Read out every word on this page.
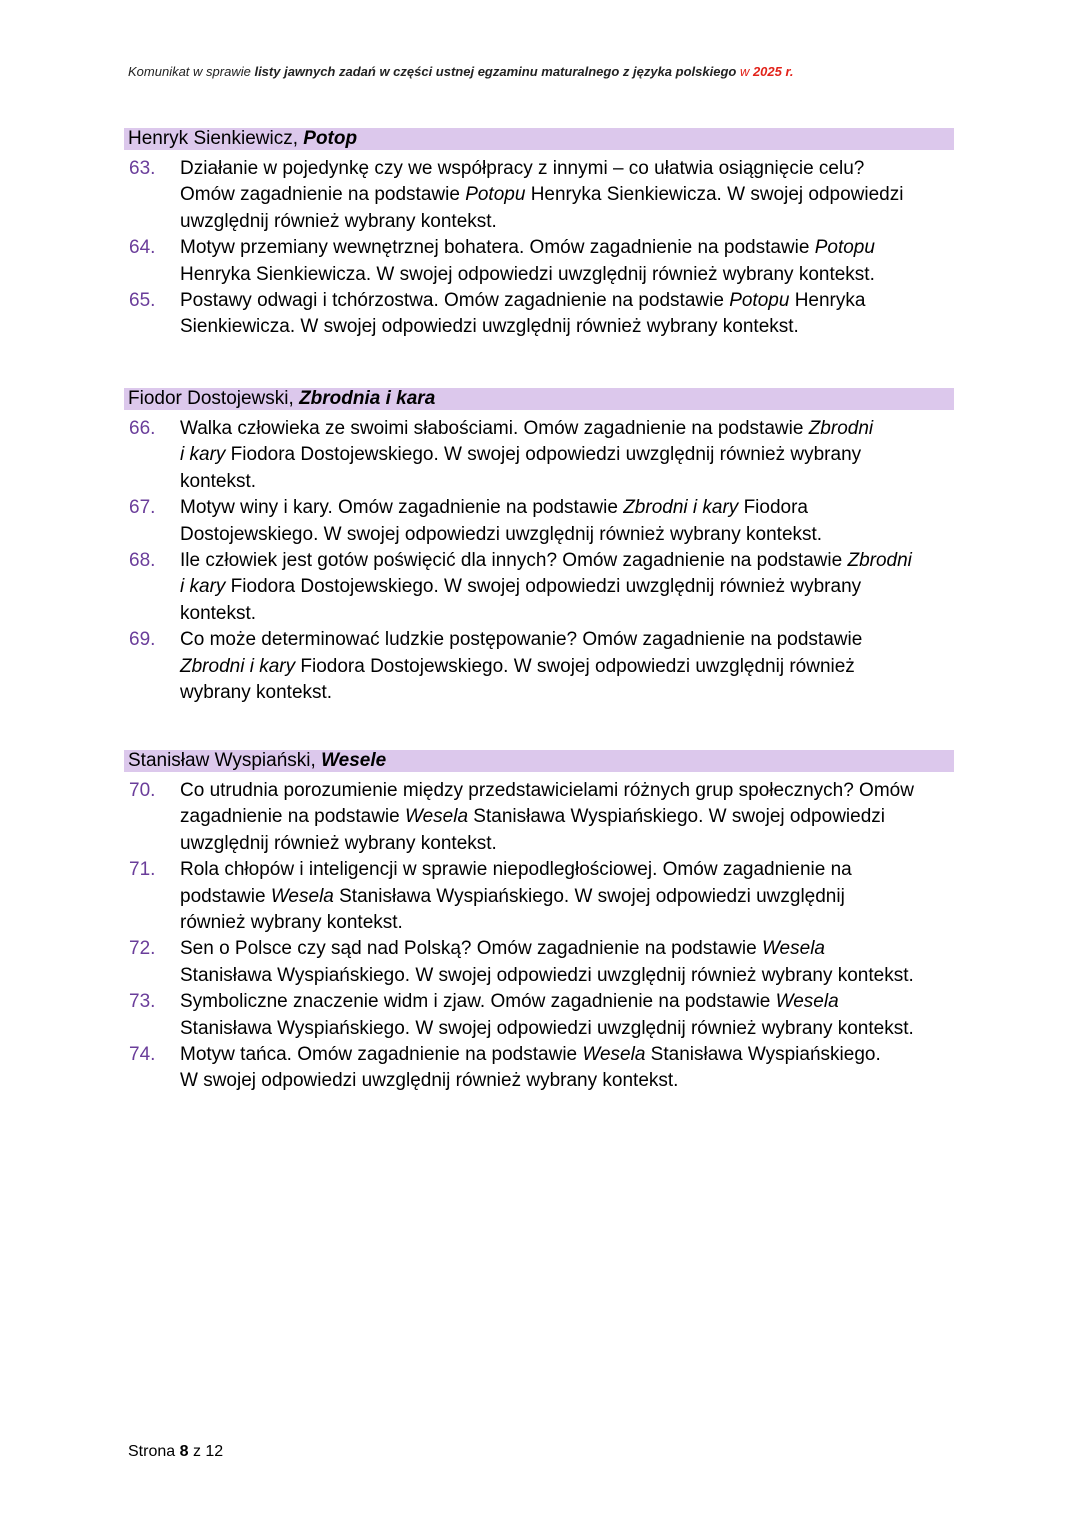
Komunikat w sprawie listy jawnych zadań w części ustnej egzaminu maturalnego z języka polskiego w 2025 r.
Henryk Sienkiewicz, Potop
63. Działanie w pojedynkę czy we współpracy z innymi – co ułatwia osiągnięcie celu?
Omów zagadnienie na podstawie Potopu Henryka Sienkiewicza. W swojej odpowiedzi
uwzględnij również wybrany kontekst.
64. Motyw przemiany wewnętrznej bohatera. Omów zagadnienie na podstawie Potopu
Henryka Sienkiewicza. W swojej odpowiedzi uwzględnij również wybrany kontekst.
65. Postawy odwagi i tchórzostwa. Omów zagadnienie na podstawie Potopu Henryka
Sienkiewicza. W swojej odpowiedzi uwzględnij również wybrany kontekst.
Fiodor Dostojewski, Zbrodnia i kara
66. Walka człowieka ze swoimi słabościami. Omów zagadnienie na podstawie Zbrodni
i kary Fiodora Dostojewskiego. W swojej odpowiedzi uwzględnij również wybrany
kontekst.
67. Motyw winy i kary. Omów zagadnienie na podstawie Zbrodni i kary Fiodora
Dostojewskiego. W swojej odpowiedzi uwzględnij również wybrany kontekst.
68. Ile człowiek jest gotów poświęcić dla innych? Omów zagadnienie na podstawie Zbrodni
i kary Fiodora Dostojewskiego. W swojej odpowiedzi uwzględnij również wybrany
kontekst.
69. Co może determinować ludzkie postępowanie? Omów zagadnienie na podstawie
Zbrodni i kary Fiodora Dostojewskiego. W swojej odpowiedzi uwzględnij również
wybrany kontekst.
Stanisław Wyspiański, Wesele
70. Co utrudnia porozumienie między przedstawicielami różnych grup społecznych? Omów
zagadnienie na podstawie Wesela Stanisława Wyspiańskiego. W swojej odpowiedzi
uwzględnij również wybrany kontekst.
71. Rola chłopów i inteligencji w sprawie niepodległościowej. Omów zagadnienie na
podstawie Wesela Stanisława Wyspiańskiego. W swojej odpowiedzi uwzględnij
również wybrany kontekst.
72. Sen o Polsce czy sąd nad Polską? Omów zagadnienie na podstawie Wesela
Stanisława Wyspiańskiego. W swojej odpowiedzi uwzględnij również wybrany kontekst.
73. Symboliczne znaczenie widm i zjaw. Omów zagadnienie na podstawie Wesela
Stanisława Wyspiańskiego. W swojej odpowiedzi uwzględnij również wybrany kontekst.
74. Motyw tańca. Omów zagadnienie na podstawie Wesela Stanisława Wyspiańskiego.
W swojej odpowiedzi uwzględnij również wybrany kontekst.
Strona 8 z 12
